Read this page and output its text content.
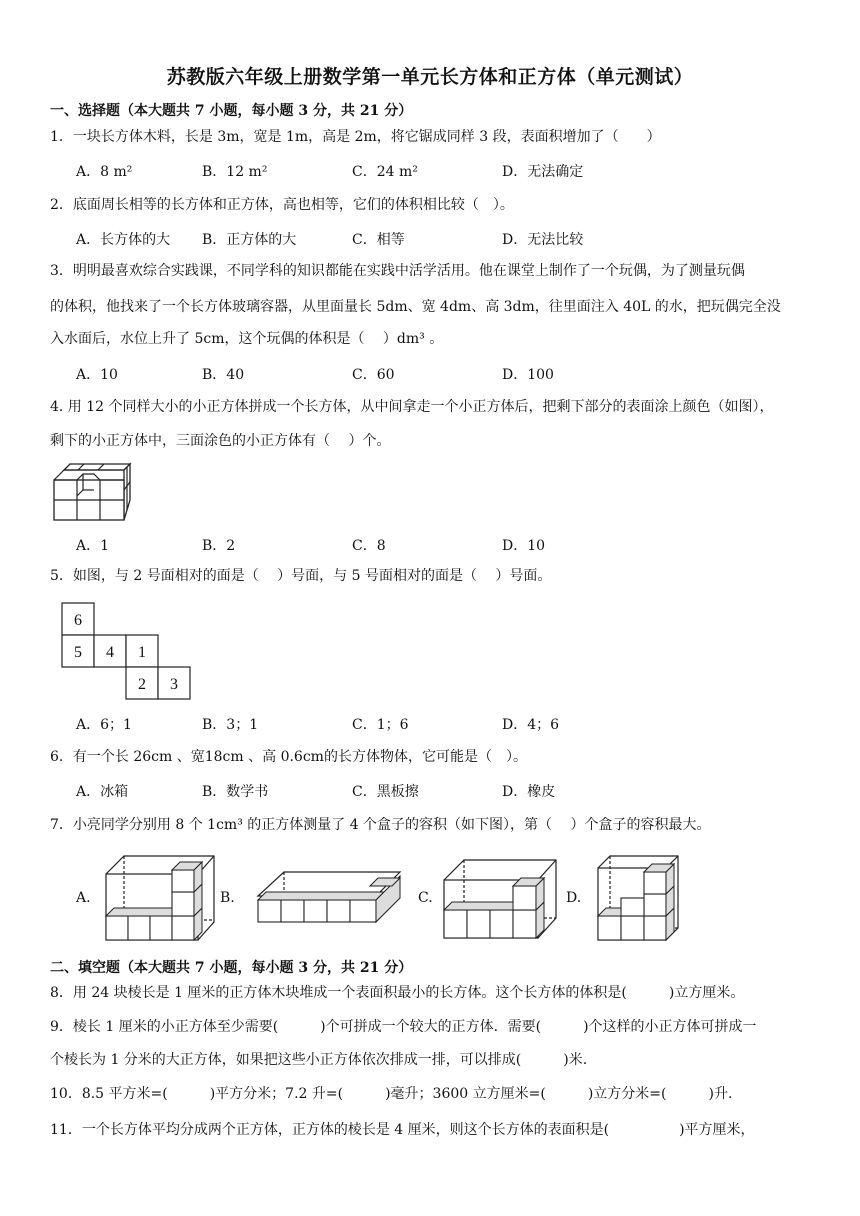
苏教版六年级上册数学第一单元长方体和正方体（单元测试）
一、选择题（本大题共 7 小题，每小题 3 分，共 21 分）
1．一块长方体木料，长是 3m，宽是 1m，高是 2m，将它锯成同样 3 段，表面积增加了（　　）
A．8 m²	B．12 m²	C．24 m²	D．无法确定
2．底面周长相等的长方体和正方体，高也相等，它们的体积相比较（　）。
A．长方体的大 B．正方体的大	C．相等	D．无法比较
3．明明最喜欢综合实践课，不同学科的知识都能在实践中活学活用。他在课堂上制作了一个玩偶，为了测量玩偶
的体积，他找来了一个长方体玻璃容器，从里面量长 5dm、宽 4dm、高 3dm，往里面注入 40L 的水，把玩偶完全没
入水面后，水位上升了 5cm，这个玩偶的体积是（　 ）dm³ 。
A．10	B．40	C．60	D．100
4. 用 12 个同样大小的小正方体拼成一个长方体，从中间拿走一个小正方体后，把剩下部分的表面涂上颜色（如图），
剩下的小正方体中，三面涂色的小正方体有（　 ）个。
A．1	B．2	C．8	D．10
5．如图，与 2 号面相对的面是（　 ）号面，与 5 号面相对的面是（　 ）号面。
6
5 4 1
2 3
A．6；1	B．3；1	C．1；6	D．4；6
6．有一个长 26cm 、宽18cm 、高 0.6cm的长方体物体，它可能是（　）。
A．冰箱	B．数学书	C．黑板擦	D．橡皮
7．小亮同学分别用 8 个 1cm³ 的正方体测量了 4 个盒子的容积（如下图），第（　 ）个盒子的容积最大。
A.	B.	C.	D.
二、填空题（本大题共 7 小题，每小题 3 分，共 21 分）
8．用 24 块棱长是 1 厘米的正方体木块堆成一个表面积最小的长方体。这个长方体的体积是(　　　)立方厘米。
9．棱长 1 厘米的小正方体至少需要(　　　)个可拼成一个较大的正方体．需要(　　　)个这样的小正方体可拼成一
个棱长为 1 分米的大正方体，如果把这些小正方体依次排成一排，可以排成(　　　)米.
10．8.5 平方米=(　　　)平方分米；7.2 升=(　　　)毫升；3600 立方厘米=(　　　)立方分米=(　　　)升.
11．一个长方体平均分成两个正方体，正方体的棱长是 4 厘米，则这个长方体的表面积是(　　　　　)平方厘米，
